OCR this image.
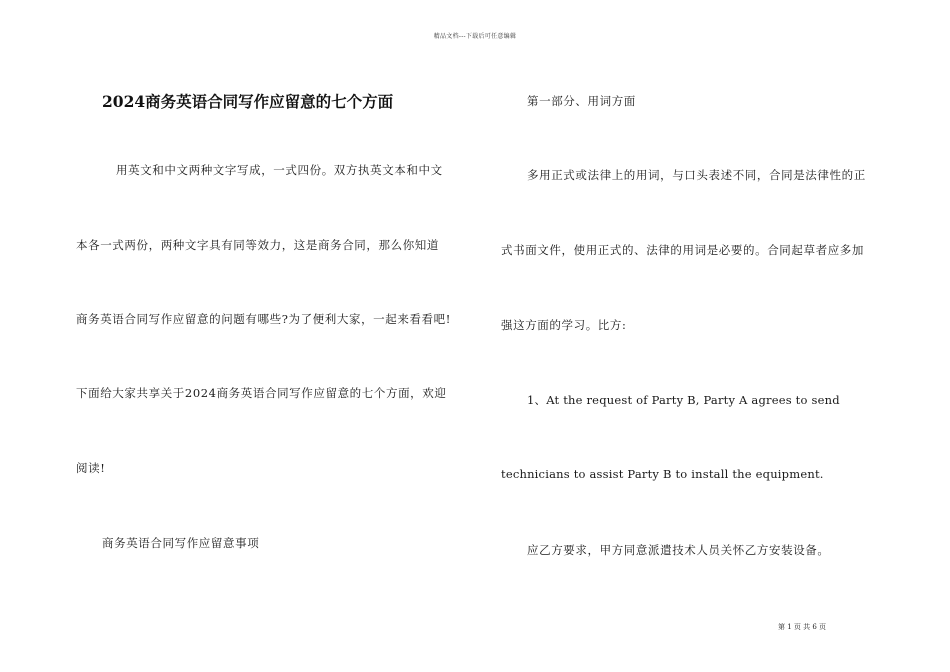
精品文档---下载后可任意编辑
2024商务英语合同写作应留意的七个方面
用英文和中文两种文字写成，一式四份。双方执英文本和中文
本各一式两份，两种文字具有同等效力，这是商务合同，那么你知道
商务英语合同写作应留意的问题有哪些?为了便利大家，一起来看看吧!
下面给大家共享关于2024商务英语合同写作应留意的七个方面，欢迎
阅读!
商务英语合同写作应留意事项
第一部分、用词方面
多用正式或法律上的用词，与口头表述不同，合同是法律性的正
式书面文件，使用正式的、法律的用词是必要的。合同起草者应多加
强这方面的学习。比方:
1、At the request of Party B, Party A agrees to send
technicians to assist Party B to install the equipment.
应乙方要求，甲方同意派遣技术人员关怀乙方安装设备。
第 1 页 共 6 页
